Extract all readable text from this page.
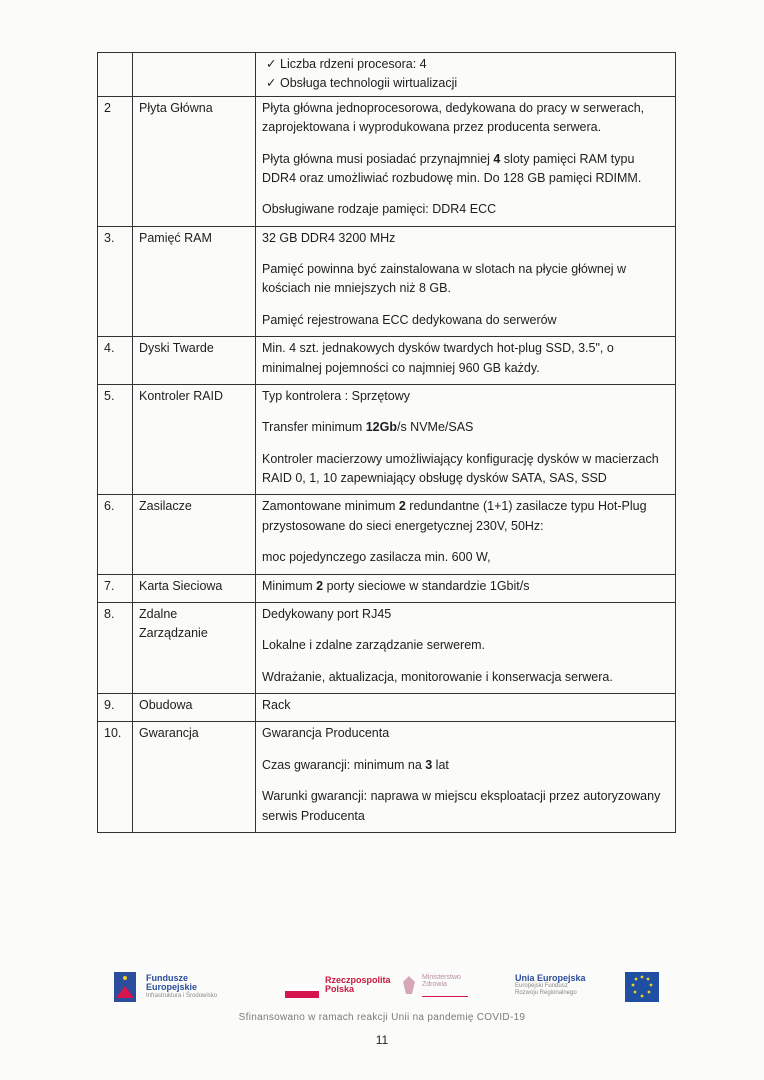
		✓ Liczba rdzeni procesora: 4
✓ Obsługa technologii wirtualizacji

2	Płyta Główna	Płyta główna jednoprocesorowa, dedykowana do pracy w serwerach, zaprojektowana i wyprodukowana przez producenta serwera.

Płyta główna musi posiadać przynajmniej 4 sloty pamięci RAM typu DDR4 oraz umożliwiać rozbudowę min. Do 128 GB pamięci RDIMM.

Obsługiwane rodzaje pamięci: DDR4 ECC

3.	Pamięć RAM	32 GB DDR4 3200 MHz

Pamięć powinna być zainstalowana w slotach na płycie głównej w kościach nie mniejszych niż 8 GB.

Pamięć rejestrowana ECC dedykowana do serwerów

4.	Dyski Twarde	Min. 4 szt. jednakowych dysków twardych hot-plug SSD, 3.5", o minimalnej pojemności co najmniej 960 GB każdy.

5.	Kontroler RAID	Typ kontrolera : Sprzętowy

Transfer minimum 12Gb/s NVMe/SAS

Kontroler macierzowy umożliwiający konfigurację dysków w macierzach RAID 0, 1, 10 zapewniający obsługę dysków SATA, SAS, SSD

6.	Zasilacze	Zamontowane minimum 2 redundantne (1+1) zasilacze typu Hot-Plug przystosowane do sieci energetycznej 230V, 50Hz:

moc pojedynczego zasilacza min. 600 W,

7.	Karta Sieciowa	Minimum 2 porty sieciowe w standardzie 1Gbit/s

8.	Zdalne Zarządzanie	Dedykowany port RJ45

Lokalne i zdalne zarządzanie serwerem.

Wdrażanie, aktualizacja, monitorowanie i konserwacja serwera.

9.	Obudowa	Rack

10.	Gwarancja	Gwarancja Producenta

Czas gwarancji: minimum na 3 lat

Warunki gwarancji: naprawa w miejscu eksploatacji przez autoryzowany serwis Producenta

Fundusze
Europejskie
Infrastruktura i Środowisko
Rzeczpospolita
Polska
Ministerstwo
Zdrowia
Unia Europejska
Europejski Fundusz
Rozwoju Regionalnego
Sfinansowano w ramach reakcji Unii na pandemię COVID-19
11
